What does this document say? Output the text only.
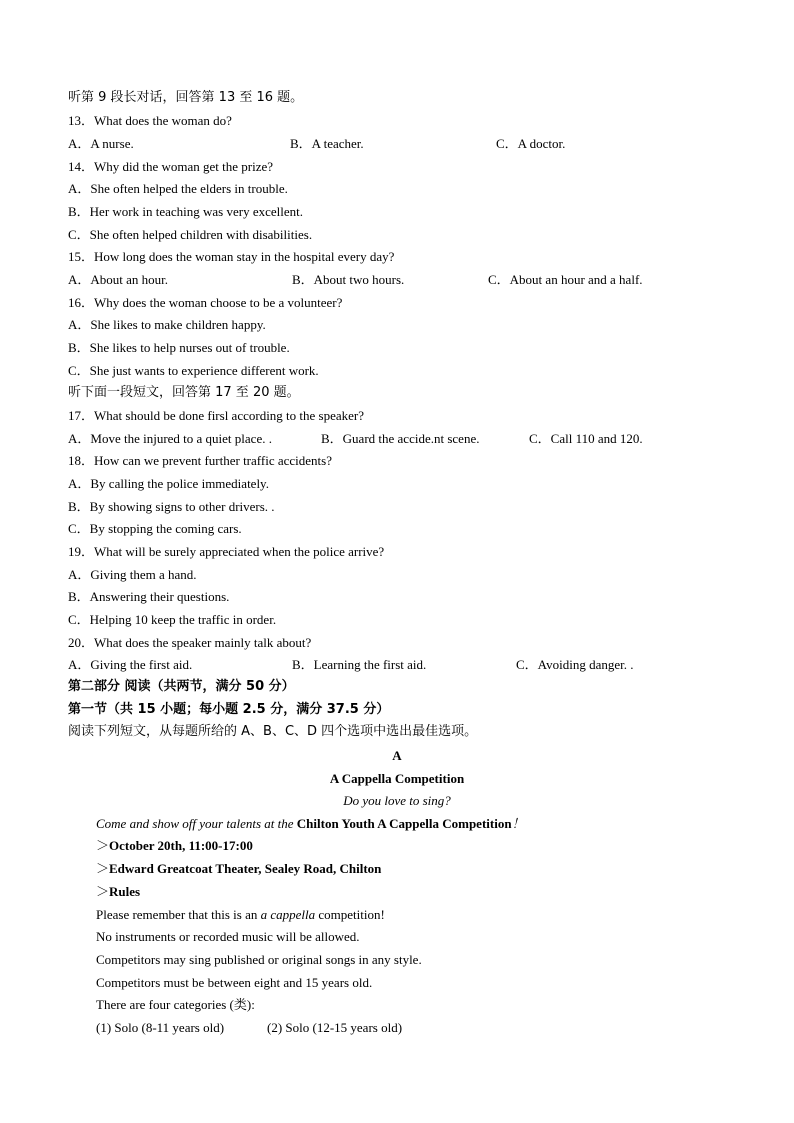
听第 9 段长对话，回答第 13 至 16 题。
13．What does the woman do?
A．A nurse.	B．A teacher.	C．A doctor.
14．Why did the woman get the prize?
A．She often helped the elders in trouble.
B．Her work in teaching was very excellent.
C．She often helped children with disabilities.
15．How long does the woman stay in the hospital every day?
A．About an hour.	B．About two hours.	C．About an hour and a half.
16．Why does the woman choose to be a volunteer?
A．She likes to make children happy.
B．She likes to help nurses out of trouble.
C．She just wants to experience different work.
听下面一段短文，回答第 17 至 20 题。
17．What should be done firsl according to the speaker?
A．Move the injured to a quiet place. .	B．Guard the accide.nt scene.	C．Call 110 and 120.
18．How can we prevent further traffic accidents?
A．By calling the police immediately.
B．By showing signs to other drivers. .
C．By stopping the coming cars.
19．What will be surely appreciated when the police arrive?
A．Giving them a hand.
B．Answering their questions.
C．Helping 10 keep the traffic in order.
20．What does the speaker mainly talk about?
A．Giving the first aid.	B．Learning the first aid.	C．Avoiding danger. .
第二部分 阅读（共两节，满分 50 分）
第一节（共 15 小题；每小题 2.5 分，满分 37.5 分）
阅读下列短文，从每题所给的 A、B、C、D 四个选项中选出最佳选项。
A
A Cappella Competition
Do you love to sing?
Come and show off your talents at the Chilton Youth A Cappella Competition！
＞October 20th, 11:00-17:00
＞Edward Greatcoat Theater, Sealey Road, Chilton
＞Rules
Please remember that this is an a cappella competition!
No instruments or recorded music will be allowed.
Competitors may sing published or original songs in any style.
Competitors must be between eight and 15 years old.
There are four categories (类):
(1) Solo (8-11 years old)	(2) Solo (12-15 years old)
